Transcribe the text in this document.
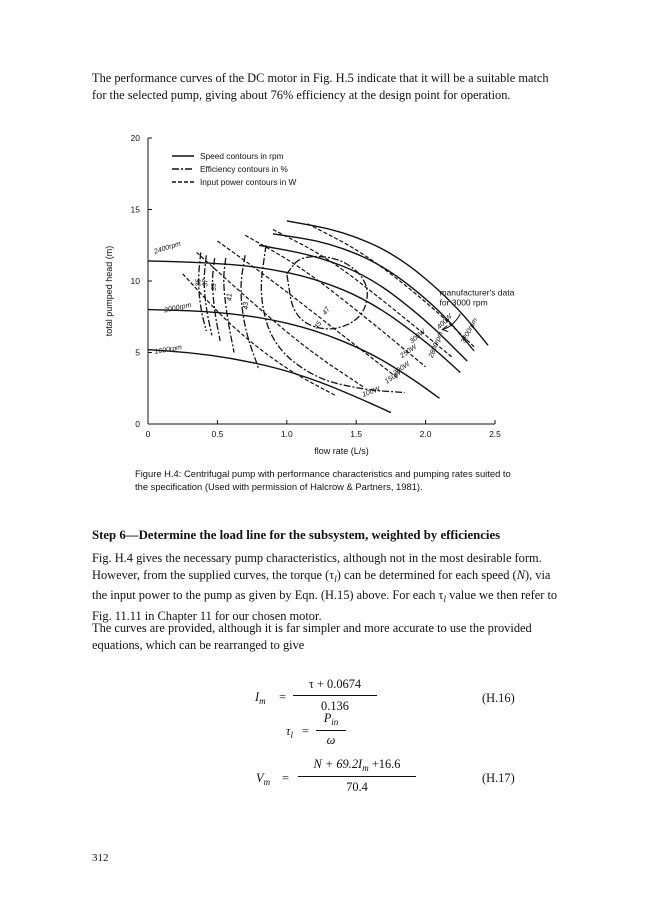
The performance curves of the DC motor in Fig. H.5 indicate that it will be a suitable match for the selected pump, giving about 76% efficiency at the design point for operation.

0	0.5	1.0	1.5	2.0	2.5
0
5
10
15
20
flow rate (L/s)
total pumped head (m)
Speed contours in rpm
Efficiency contours in %
Input power contours in W
2400rpm
2000rpm
1600rpm	2800rpm 3200rpm
35 37
39
41
43
45
47
100W
150W
200W
250W
300W
400W
manufacturer's data
for 3000 rpm

Figure H.4: Centrifugal pump with performance characteristics and pumping rates suited to the specification (Used with permission of Halcrow & Partners, 1981).

Step 6—Determine the load line for the subsystem, weighted by efficiencies

Fig. H.4 gives the necessary pump characteristics, although not in the most desirable form. However, from the supplied curves, the torque $(\tau_l)$ can be determined for each speed (N), via the input power to the pump as given by Eqn. (H.15) above. For each $\tau_l$ value we then refer to Fig. 11.11 in Chapter 11 for our chosen motor.

The curves are provided, although it is far simpler and more accurate to use the provided equations, which can be rearranged to give

$I_m$ =
τ + 0.0674
0.136
(H.16)
$\tau_l$ =
$P_{in}$
ω
$V_m$ =
$N + 69.2I_m +16.6$
70.4
(H.17)
312
